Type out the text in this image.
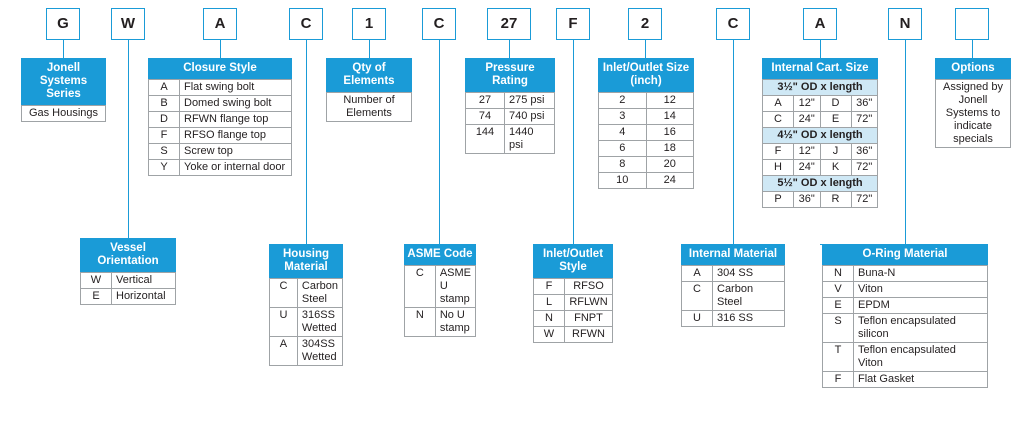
G	W	A	C	1	C	27	F	2	C	A	N
Jonell Systems Series
Gas Housings
Closure Style
A	Flat swing bolt
B	Domed swing bolt
D	RFWN flange top
F	RFSO flange top
S	Screw top
Y	Yoke or internal door
Qty of Elements
Number of Elements
Pressure Rating
27	275 psi
74	740 psi
144	1440 psi
Inlet/Outlet Size (inch)
2	12
3	14
4	16
6	18
8	20
10	24
Internal Cart. Size
3½" OD x length			
A	12"	D	36"
C	24"	E	72"
4½" OD x length			
F	12"	J	36"
H	24"	K	72"
5½" OD x length			
P	36"	R	72"
Options
Assigned by Jonell Systems to indicate specials
Vessel Orientation
W	Vertical
E	Horizontal
Housing Material
C	Carbon Steel
U	316SS Wetted
A	304SS Wetted
ASME Code
C	ASME U stamp
N	No U stamp
Inlet/Outlet Style
F	RFSO
L	RFLWN
N	FNPT
W	RFWN
Internal Material
A	304 SS
C	Carbon Steel
U	316 SS
O-Ring Material
N	Buna-N
V	Viton
E	EPDM
S	Teflon encapsulated silicon
T	Teflon encapsulated Viton
F	Flat Gasket
